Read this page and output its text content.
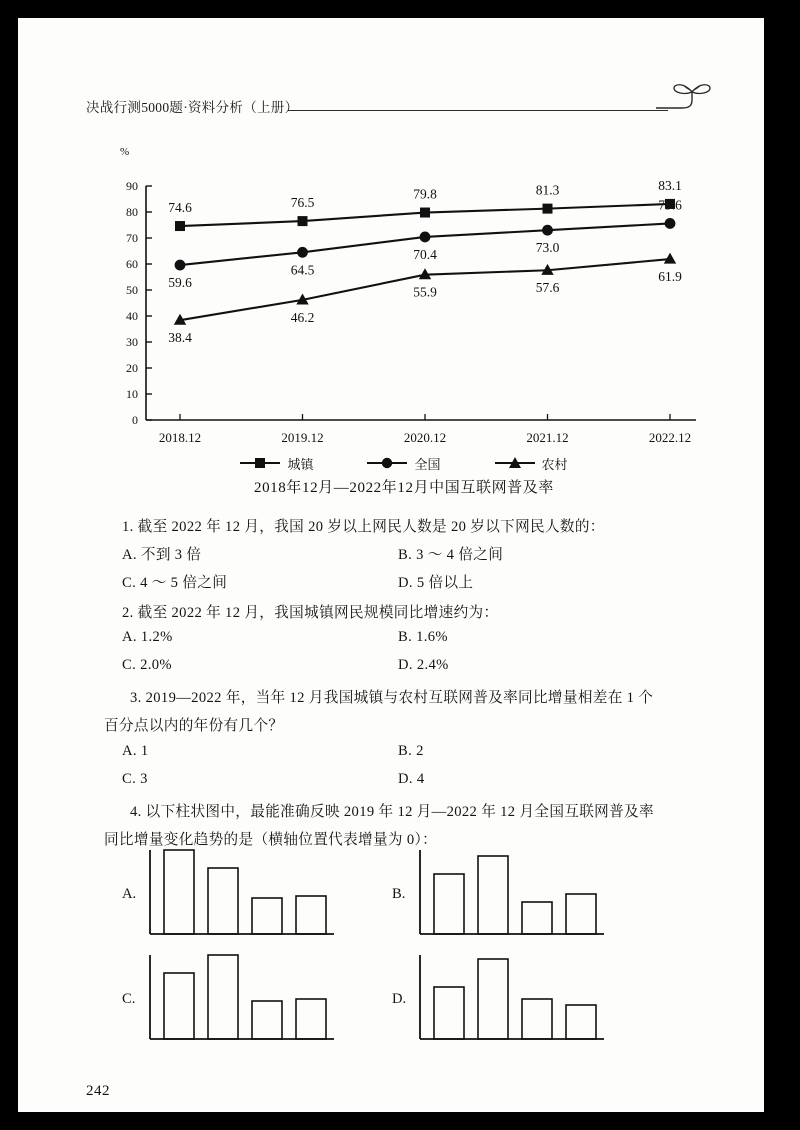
决战行测5000题·资料分析（上册）
%
0
10
20
30
40
50
60
70
80
90
2018.12	2019.12	2020.12	2021.12	2022.12
74.6	76.5
79.8	81.3	83.1
59.6
64.5
70.4	73.0
75.6
38.4
46.2
55.9	57.6
61.9
城镇	全国	农村
2018年12月—2022年12月中国互联网普及率
1. 截至 2022 年 12 月，我国 20 岁以上网民人数是 20 岁以下网民人数的：
A. 不到 3 倍	B. 3 ～ 4 倍之间
C. 4 ～ 5 倍之间	D. 5 倍以上
2. 截至 2022 年 12 月，我国城镇网民规模同比增速约为：
A. 1.2%	B. 1.6%
C. 2.0%	D. 2.4%
3. 2019—2022 年，当年 12 月我国城镇与农村互联网普及率同比增量相差在 1 个
百分点以内的年份有几个？
A. 1	B. 2
C. 3	D. 4
4. 以下柱状图中，最能准确反映 2019 年 12 月—2022 年 12 月全国互联网普及率
同比增量变化趋势的是（横轴位置代表增量为 0）：
A.	B.
C.	D.
242
